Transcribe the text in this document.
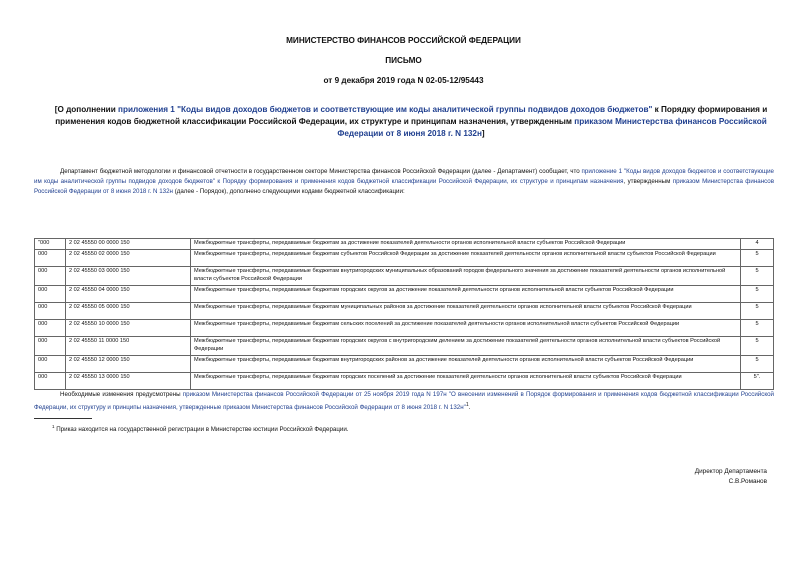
МИНИСТЕРСТВО ФИНАНСОВ РОССИЙСКОЙ ФЕДЕРАЦИИ
ПИСЬМО
от 9 декабря 2019 года N 02-05-12/95443
[О дополнении приложения 1 "Коды видов доходов бюджетов и соответствующие им коды аналитической группы подвидов доходов бюджетов" к Порядку формирования и применения кодов бюджетной классификации Российской Федерации, их структуре и принципам назначения, утвержденным приказом Министерства финансов Российской Федерации от 8 июня 2018 г. N 132н]
Департамент бюджетной методологии и финансовой отчетности в государственном секторе Министерства финансов Российской Федерации (далее - Департамент) сообщает, что приложение 1 "Коды видов доходов бюджетов и соответствующие им коды аналитической группы подвидов доходов бюджетов" к Порядку формирования и применения кодов бюджетной классификации Российской Федерации, их структуре и принципам назначения, утвержденным приказом Министерства финансов Российской Федерации от 8 июня 2018 г. N 132н (далее - Порядок), дополнено следующими кодами бюджетной классификации:
"000	2 02 45550 00 0000 150	Межбюджетные трансферты, передаваемые бюджетам за достижение показателей деятельности органов исполнительной власти субъектов Российской Федерации	4
000	2 02 45550 02 0000 150	Межбюджетные трансферты, передаваемые бюджетам субъектов Российской Федерации за достижение показателей деятельности органов исполнительной власти субъектов Российской Федерации	5
000	2 02 45550 03 0000 150	Межбюджетные трансферты, передаваемые бюджетам внутригородских муниципальных образований городов федерального значения за достижение показателей деятельности органов исполнительной власти субъектов Российской Федерации	5
000	2 02 45550 04 0000 150	Межбюджетные трансферты, передаваемые бюджетам городских округов за достижение показателей деятельности органов исполнительной власти субъектов Российской Федерации	5
000	2 02 45550 05 0000 150	Межбюджетные трансферты, передаваемые бюджетам муниципальных районов за достижение показателей деятельности органов исполнительной власти субъектов Российской Федерации	5
000	2 02 45550 10 0000 150	Межбюджетные трансферты, передаваемые бюджетам сельских поселений за достижение показателей деятельности органов исполнительной власти субъектов Российской Федерации	5
000	2 02 45550 11 0000 150	Межбюджетные трансферты, передаваемые бюджетам городских округов с внутригородским делением за достижение показателей деятельности органов исполнительной власти субъектов Российской Федерации	5
000	2 02 45550 12 0000 150	Межбюджетные трансферты, передаваемые бюджетам внутригородских районов за достижение показателей деятельности органов исполнительной власти субъектов Российской Федерации	5
000	2 02 45550 13 0000 150	Межбюджетные трансферты, передаваемые бюджетам городских поселений за достижение показателей деятельности органов исполнительной власти субъектов Российской Федерации	5".
Необходимые изменения предусмотрены приказом Министерства финансов Российской Федерации от 25 ноября 2019 года N 197н "О внесении изменений в Порядок формирования и применения кодов бюджетной классификации Российской Федерации, их структуру и принципы назначения, утвержденные приказом Министерства финансов Российской Федерации от 8 июня 2018 г. N 132н"$^1$.
$^1$ Приказ находится на государственной регистрации в Министерстве юстиции Российской Федерации.
Директор Департамента
С.В.Романов
